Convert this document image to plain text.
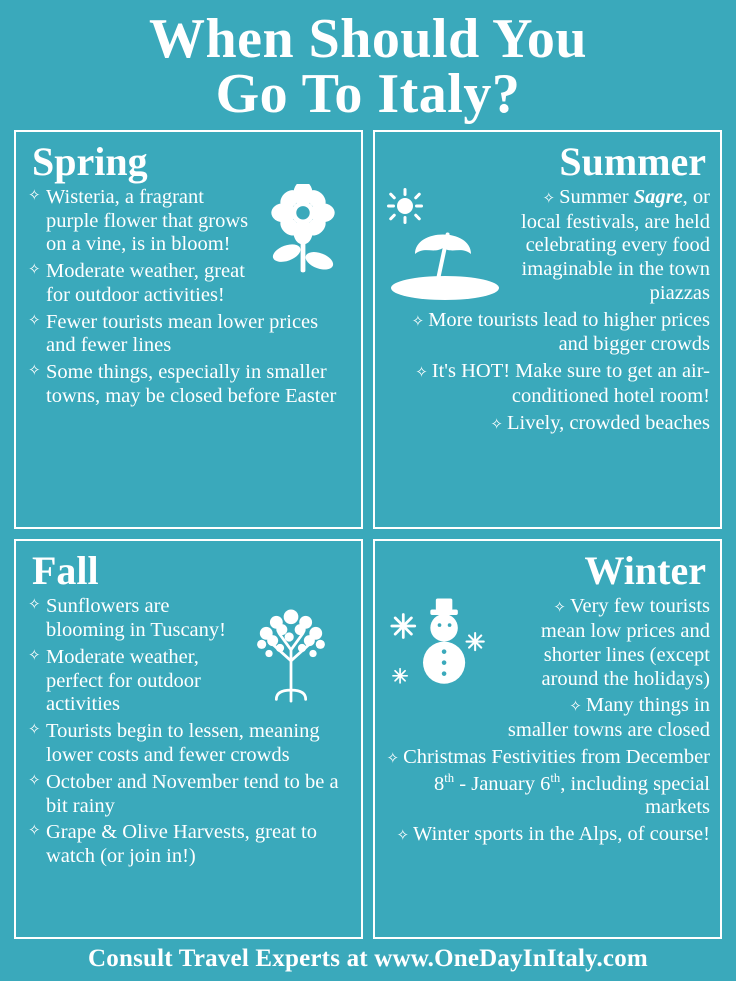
When Should You
Go To Italy?
Spring
✧ Wisteria, a fragrant purple flower that grows on a vine, is in bloom!
✧ Moderate weather, great for outdoor activities!
✧ Fewer tourists mean lower prices and fewer lines
✧ Some things, especially in smaller towns, may be closed before Easter
Summer
✧ Summer Sagre, or local festivals, are held celebrating every food imaginable in the town piazzas
✧ More tourists lead to higher prices and bigger crowds
✧ It's HOT! Make sure to get an air-conditioned hotel room!
✧ Lively, crowded beaches
Fall
✧ Sunflowers are blooming in Tuscany!
✧ Moderate weather, perfect for outdoor activities
✧ Tourists begin to lessen, meaning lower costs and fewer crowds
✧ October and November tend to be a bit rainy
✧ Grape & Olive Harvests, great to watch (or join in!)
Winter
✧ Very few tourists mean low prices and shorter lines (except around the holidays)
✧ Many things in smaller towns are closed
✧ Christmas Festivities from December 8th - January 6th, including special markets
✧ Winter sports in the Alps, of course!
Consult Travel Experts at www.OneDayInItaly.com
